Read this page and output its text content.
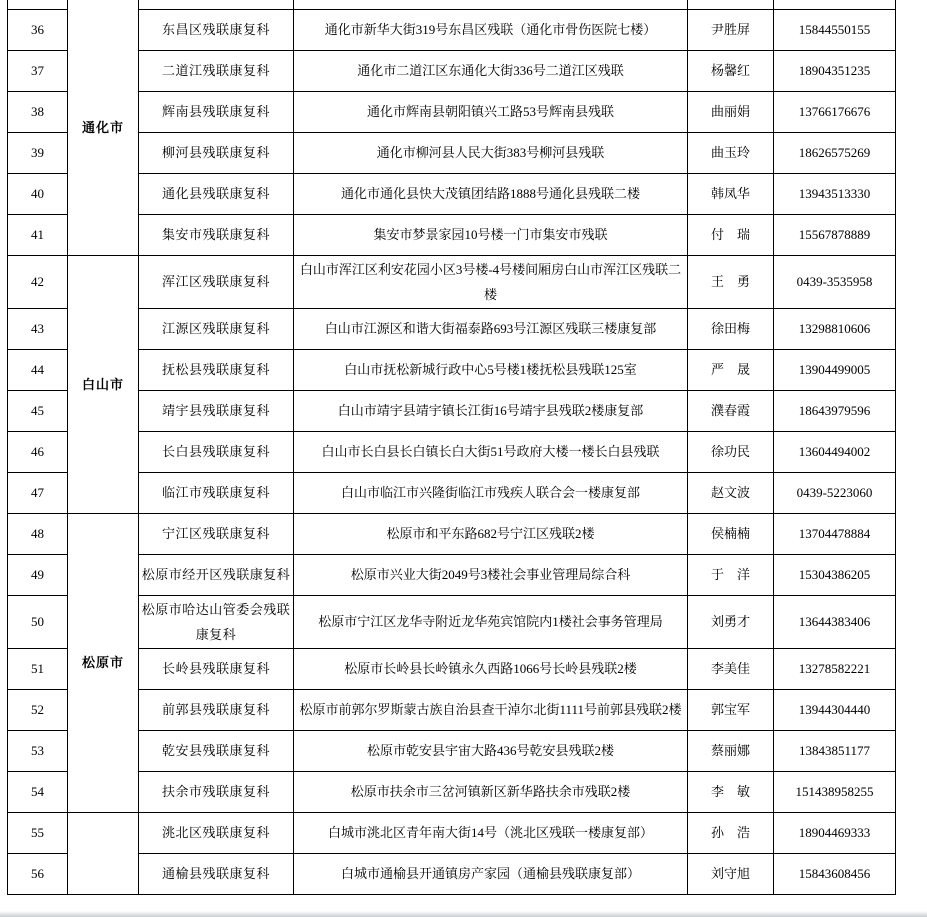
	通化市				
36		东昌区残联康复科	通化市新华大街319号东昌区残联（通化市骨伤医院七楼）	尹胜屏	15844550155
37		二道江残联康复科	通化市二道江区东通化大街336号二道江区残联	杨馨红	18904351235
38		辉南县残联康复科	通化市辉南县朝阳镇兴工路53号辉南县残联	曲丽娟	13766176676
39		柳河县残联康复科	通化市柳河县人民大街383号柳河县残联	曲玉玲	18626575269
40		通化县残联康复科	通化市通化县快大茂镇团结路1888号通化县残联二楼	韩凤华	13943513330
41		集安市残联康复科	集安市梦景家园10号楼一门市集安市残联	付　瑞	15567878889
42	白山市	浑江区残联康复科	白山市浑江区利安花园小区3号楼-4号楼间厢房白山市浑江区残联二楼	王　勇	0439-3535958
43		江源区残联康复科	白山市江源区和谐大街福泰路693号江源区残联三楼康复部	徐田梅	13298810606
44		抚松县残联康复科	白山市抚松新城行政中心5号楼1楼抚松县残联125室	严　晟	13904499005
45		靖宇县残联康复科	白山市靖宇县靖宇镇长江街16号靖宇县残联2楼康复部	濮春霞	18643979596
46		长白县残联康复科	白山市长白县长白镇长白大街51号政府大楼一楼长白县残联	徐功民	13604494002
47		临江市残联康复科	白山市临江市兴隆街临江市残疾人联合会一楼康复部	赵文波	0439-5223060
48	松原市	宁江区残联康复科	松原市和平东路682号宁江区残联2楼	侯楠楠	13704478884
49		松原市经开区残联康复科	松原市兴业大街2049号3楼社会事业管理局综合科	于　洋	15304386205
50		松原市哈达山管委会残联康复科	松原市宁江区龙华寺附近龙华苑宾馆院内1楼社会事务管理局	刘勇才	13644383406
51		长岭县残联康复科	松原市长岭县长岭镇永久西路1066号长岭县残联2楼	李美佳	13278582221
52		前郭县残联康复科	松原市前郭尔罗斯蒙古族自治县查干淖尔北街1111号前郭县残联2楼	郭宝军	13944304440
53		乾安县残联康复科	松原市乾安县宇宙大路436号乾安县残联2楼	蔡丽娜	13843851177
54		扶余市残联康复科	松原市扶余市三岔河镇新区新华路扶余市残联2楼	李　敏	151438958255
55		洮北区残联康复科	白城市洮北区青年南大街14号（洮北区残联一楼康复部）	孙　浩	18904469333
56		通榆县残联康复科	白城市通榆县开通镇房产家园（通榆县残联康复部）	刘守旭	15843608456
